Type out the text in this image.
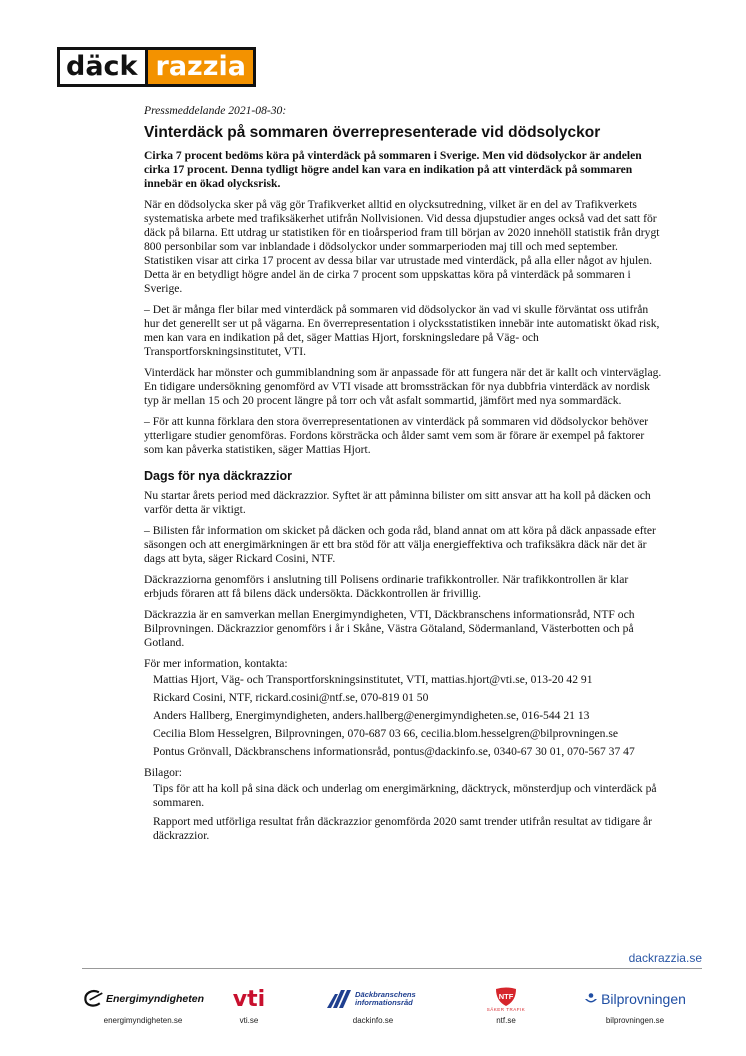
däck razzia

Pressmeddelande 2021-08-30:

Vinterdäck på sommaren överrepresenterade vid dödsolyckor

Cirka 7 procent bedöms köra på vinterdäck på sommaren i Sverige. Men vid dödsolyckor är andelen cirka 17 procent. Denna tydligt högre andel kan vara en indikation på att vinterdäck på sommaren innebär en ökad olycksrisk.

När en dödsolycka sker på väg gör Trafikverket alltid en olycksutredning, vilket är en del av Trafikverkets systematiska arbete med trafiksäkerhet utifrån Nollvisionen. Vid dessa djupstudier anges också vad det satt för däck på bilarna. Ett utdrag ur statistiken för en tioårsperiod fram till början av 2020 innehöll statistik från drygt 800 personbilar som var inblandade i dödsolyckor under sommarperioden maj till och med september. Statistiken visar att cirka 17 procent av dessa bilar var utrustade med vinterdäck, på alla eller något av hjulen. Detta är en betydligt högre andel än de cirka 7 procent som uppskattas köra på vinterdäck på sommaren i Sverige.

– Det är många fler bilar med vinterdäck på sommaren vid dödsolyckor än vad vi skulle förväntat oss utifrån hur det generellt ser ut på vägarna. En överrepresentation i olycksstatistiken innebär inte automatiskt ökad risk, men kan vara en indikation på det, säger Mattias Hjort, forskningsledare på Väg- och Transportforskningsinstitutet, VTI.

Vinterdäck har mönster och gummiblandning som är anpassade för att fungera när det är kallt och vinterväglag. En tidigare undersökning genomförd av VTI visade att bromssträckan för nya dubbfria vinterdäck av nordisk typ är mellan 15 och 20 procent längre på torr och våt asfalt sommartid, jämfört med nya sommardäck.

– För att kunna förklara den stora överrepresentationen av vinterdäck på sommaren vid dödsolyckor behöver ytterligare studier genomföras. Fordons körsträcka och ålder samt vem som är förare är exempel på faktorer som kan påverka statistiken, säger Mattias Hjort.

Dags för nya däckrazzior

Nu startar årets period med däckrazzior. Syftet är att påminna bilister om sitt ansvar att ha koll på däcken och varför detta är viktigt.

– Bilisten får information om skicket på däcken och goda råd, bland annat om att köra på däck anpassade efter säsongen och att energimärkningen är ett bra stöd för att välja energieffektiva och trafiksäkra däck när det är dags att byta, säger Rickard Cosini, NTF.

Däckrazziorna genomförs i anslutning till Polisens ordinarie trafikkontroller. När trafikkontrollen är klar erbjuds föraren att få bilens däck undersökta. Däckkontrollen är frivillig.

Däckrazzia är en samverkan mellan Energimyndigheten, VTI, Däckbranschens informationsråd, NTF och Bilprovningen. Däckrazzior genomförs i år i Skåne, Västra Götaland, Södermanland, Västerbotten och på Gotland.

För mer information, kontakta:

Mattias Hjort, Väg- och Transportforskningsinstitutet, VTI, mattias.hjort@vti.se, 013-20 42 91
Rickard Cosini, NTF, rickard.cosini@ntf.se, 070-819 01 50
Anders Hallberg, Energimyndigheten, anders.hallberg@energimyndigheten.se, 016-544 21 13
Cecilia Blom Hesselgren, Bilprovningen, 070-687 03 66, cecilia.blom.hesselgren@bilprovningen.se
Pontus Grönvall, Däckbranschens informationsråd, pontus@dackinfo.se, 0340-67 30 01, 070-567 37 47

Bilagor:

Tips för att ha koll på sina däck och underlag om energimärkning, däcktryck, mönsterdjup och vinterdäck på sommaren.
Rapport med utförliga resultat från däckrazzior genomförda 2020 samt trender utifrån resultat av tidigare år däckrazzior.
dackrazzia.se
Energimyndigheten
energimyndigheten.se
vti
vti.se
Däckbranschens informationsråd
dackinfo.se
NTF
SÄKER TRAFIK
ntf.se
Bilprovningen
bilprovningen.se
